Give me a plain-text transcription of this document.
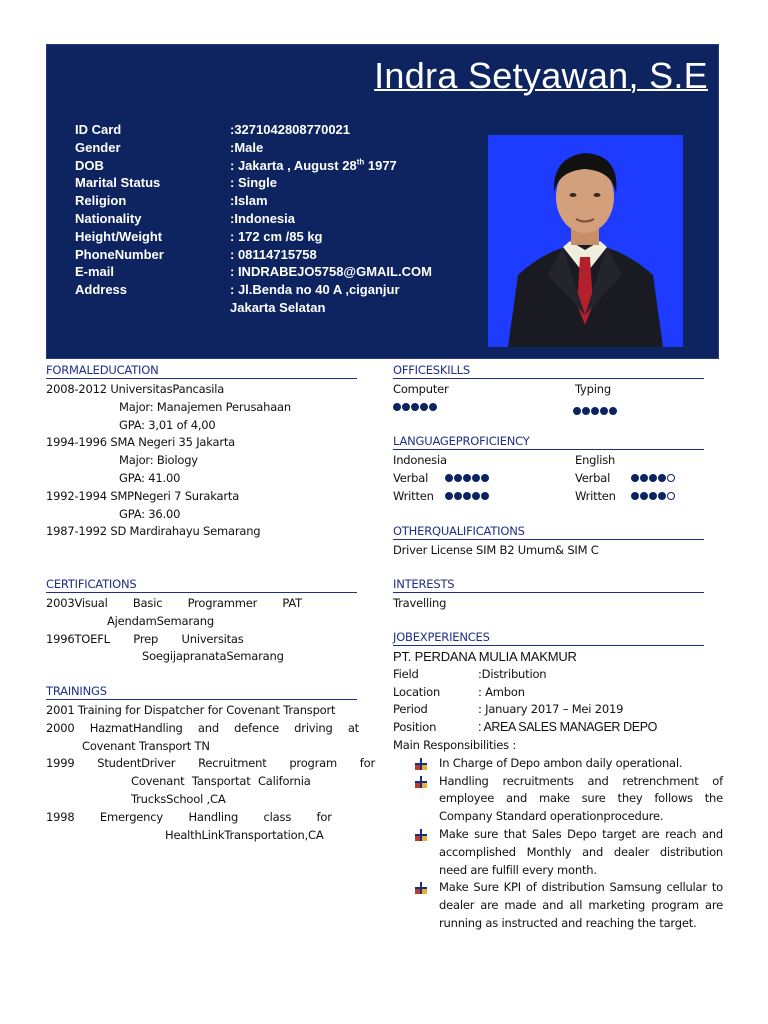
Indra Setyawan, S.E
ID Card	:3271042808770021
Gender	:Male
DOB	: Jakarta , August 28th 1977
Marital Status	: Single
Religion	:Islam
Nationality	:Indonesia
Height/Weight	: 172 cm /85 kg
PhoneNumber	: 08114715758
E-mail	: INDRABEJO5758@GMAIL.COM
Address	: Jl.Benda no 40 A ,ciganjur
Jakarta Selatan
FORMALEDUCATION
2008-2012 UniversitasPancasila
Major: Manajemen Perusahaan
GPA: 3,01 of 4,00
1994-1996 SMA Negeri 35 Jakarta
Major: Biology
GPA: 41.00
1992-1994 SMPNegeri 7 Surakarta
GPA: 36.00
1987-1992 SD Mardirahayu Semarang
CERTIFICATIONS
2003Visual Basic Programmer PAT
AjendamSemarang
1996TOEFL Prep Universitas
SoegijapranataSemarang
TRAININGS
2001 Training for Dispatcher for Covenant Transport
2000 HazmatHandling and defence driving at
Covenant Transport TN
1999 StudentDriver Recruitment program for
Covenant Tansportat California
TrucksSchool ,CA
1998 Emergency Handling class for
HealthLinkTransportation,CA
OFFICESKILLS
Computer	Typing
LANGUAGEPROFICIENCY
Indonesia	English
Verbal	Verbal
Written	Written
OTHERQUALIFICATIONS
Driver License SIM B2 Umum& SIM C
INTERESTS
Travelling
JOBEXPERIENCES
PT. PERDANA MULIA MAKMUR
Field	:Distribution
Location	: Ambon
Period	: January 2017 – Mei 2019
Position	: AREA SALES MANAGER DEPO
Main Responsibilities :
In Charge of Depo ambon daily operational.
Handling recruitments and retrenchment of employee and make sure they follows the Company Standard operationprocedure.
Make sure that Sales Depo target are reach and accomplished Monthly and dealer distribution need are fulfill every month.
Make Sure KPI of distribution Samsung cellular to dealer are made and all marketing program are running as instructed and reaching the target.
